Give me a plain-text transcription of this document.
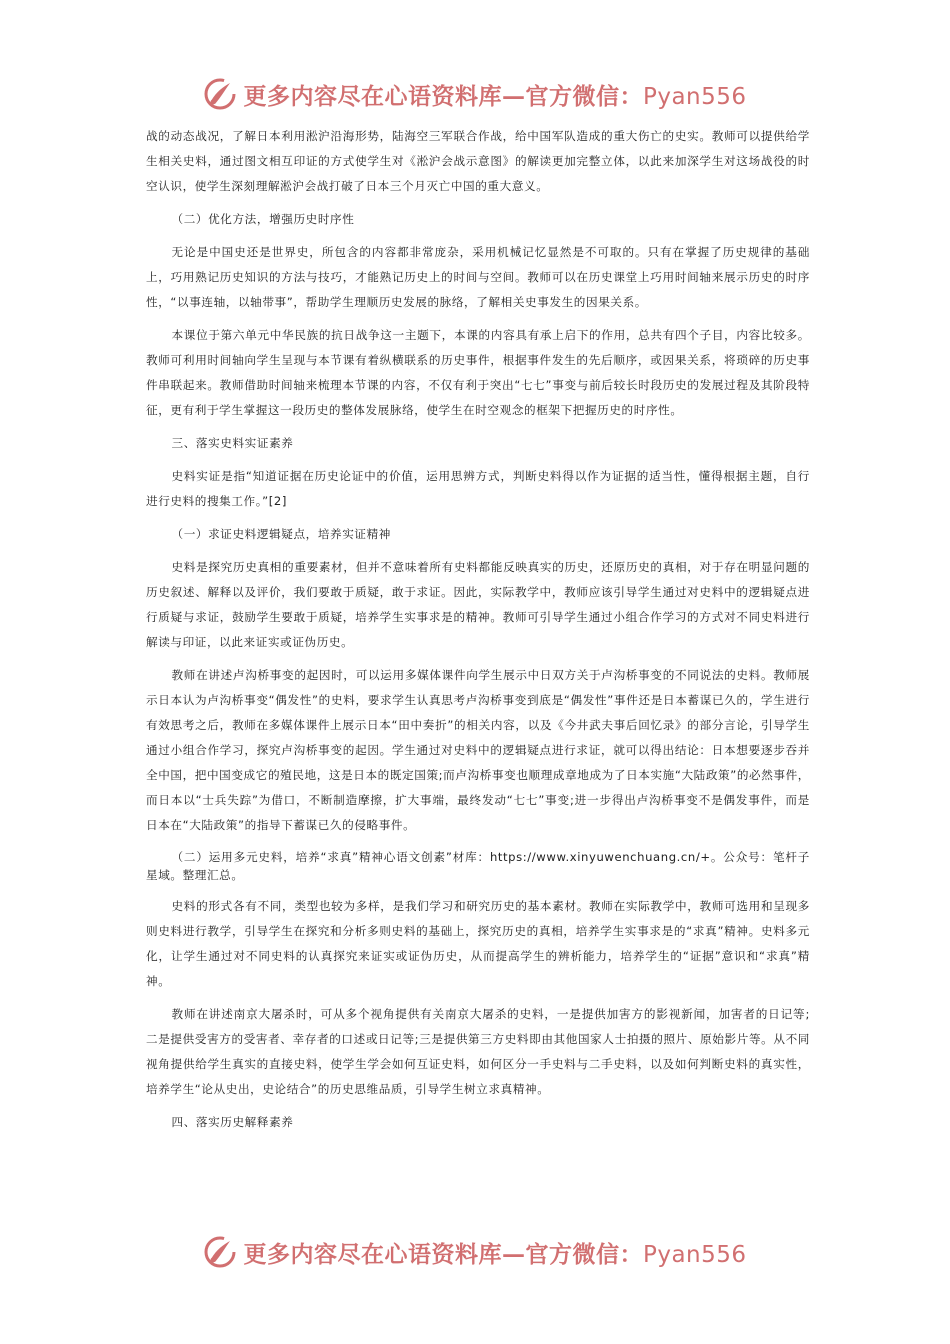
更多内容尽在心语资料库—官方微信：Pyan556

战的动态战况，了解日本利用淞沪沿海形势，陆海空三军联合作战，给中国军队造成的重大伤亡的史实。教师可以提供给学生相关史料，通过图文相互印证的方式使学生对《淞沪会战示意图》的解读更加完整立体，以此来加深学生对这场战役的时空认识，使学生深刻理解淞沪会战打破了日本三个月灭亡中国的重大意义。

（二）优化方法，增强历史时序性

无论是中国史还是世界史，所包含的内容都非常庞杂，采用机械记忆显然是不可取的。只有在掌握了历史规律的基础上，巧用熟记历史知识的方法与技巧，才能熟记历史上的时间与空间。教师可以在历史课堂上巧用时间轴来展示历史的时序性，“以事连轴，以轴带事”，帮助学生理顺历史发展的脉络，了解相关史事发生的因果关系。

本课位于第六单元中华民族的抗日战争这一主题下，本课的内容具有承上启下的作用，总共有四个子目，内容比较多。教师可利用时间轴向学生呈现与本节课有着纵横联系的历史事件，根据事件发生的先后顺序，或因果关系，将琐碎的历史事件串联起来。教师借助时间轴来梳理本节课的内容，不仅有利于突出“七七”事变与前后较长时段历史的发展过程及其阶段特征，更有利于学生掌握这一段历史的整体发展脉络，使学生在时空观念的框架下把握历史的时序性。

三、落实史料实证素养

史料实证是指“知道证据在历史论证中的价值，运用思辨方式，判断史料得以作为证据的适当性，懂得根据主题，自行进行史料的搜集工作。”[2]

（一）求证史料逻辑疑点，培养实证精神

史料是探究历史真相的重要素材，但并不意味着所有史料都能反映真实的历史，还原历史的真相，对于存在明显问题的历史叙述、解释以及评价，我们要敢于质疑，敢于求证。因此，实际教学中，教师应该引导学生通过对史料中的逻辑疑点进行质疑与求证，鼓励学生要敢于质疑，培养学生实事求是的精神。教师可引导学生通过小组合作学习的方式对不同史料进行解读与印证，以此来证实或证伪历史。

教师在讲述卢沟桥事变的起因时，可以运用多媒体课件向学生展示中日双方关于卢沟桥事变的不同说法的史料。教师展示日本认为卢沟桥事变“偶发性”的史料，要求学生认真思考卢沟桥事变到底是“偶发性”事件还是日本蓄谋已久的，学生进行有效思考之后，教师在多媒体课件上展示日本“田中奏折”的相关内容，以及《今井武夫事后回忆录》的部分言论，引导学生通过小组合作学习，探究卢沟桥事变的起因。学生通过对史料中的逻辑疑点进行求证，就可以得出结论：日本想要逐步吞并全中国，把中国变成它的殖民地，这是日本的既定国策;而卢沟桥事变也顺理成章地成为了日本实施“大陆政策”的必然事件，而日本以“士兵失踪”为借口，不断制造摩擦，扩大事端，最终发动“七七”事变;进一步得出卢沟桥事变不是偶发事件，而是日本在“大陆政策”的指导下蓄谋已久的侵略事件。

（二）运用多元史料，培养“求真”精神心语文创素”材库：https://www.xinyuwenchuang.cn/+。公众号：笔杆子星域。整理汇总。

史料的形式各有不同，类型也较为多样，是我们学习和研究历史的基本素材。教师在实际教学中，教师可选用和呈现多则史料进行教学，引导学生在探究和分析多则史料的基础上，探究历史的真相，培养学生实事求是的“求真”精神。史料多元化，让学生通过对不同史料的认真探究来证实或证伪历史，从而提高学生的辨析能力，培养学生的“证据”意识和“求真”精神。

教师在讲述南京大屠杀时，可从多个视角提供有关南京大屠杀的史料，一是提供加害方的影视新闻，加害者的日记等;二是提供受害方的受害者、幸存者的口述或日记等;三是提供第三方史料即由其他国家人士拍摄的照片、原始影片等。从不同视角提供给学生真实的直接史料，使学生学会如何互证史料，如何区分一手史料与二手史料，以及如何判断史料的真实性，培养学生“论从史出，史论结合”的历史思维品质，引导学生树立求真精神。

四、落实历史解释素养

更多内容尽在心语资料库—官方微信：Pyan556
